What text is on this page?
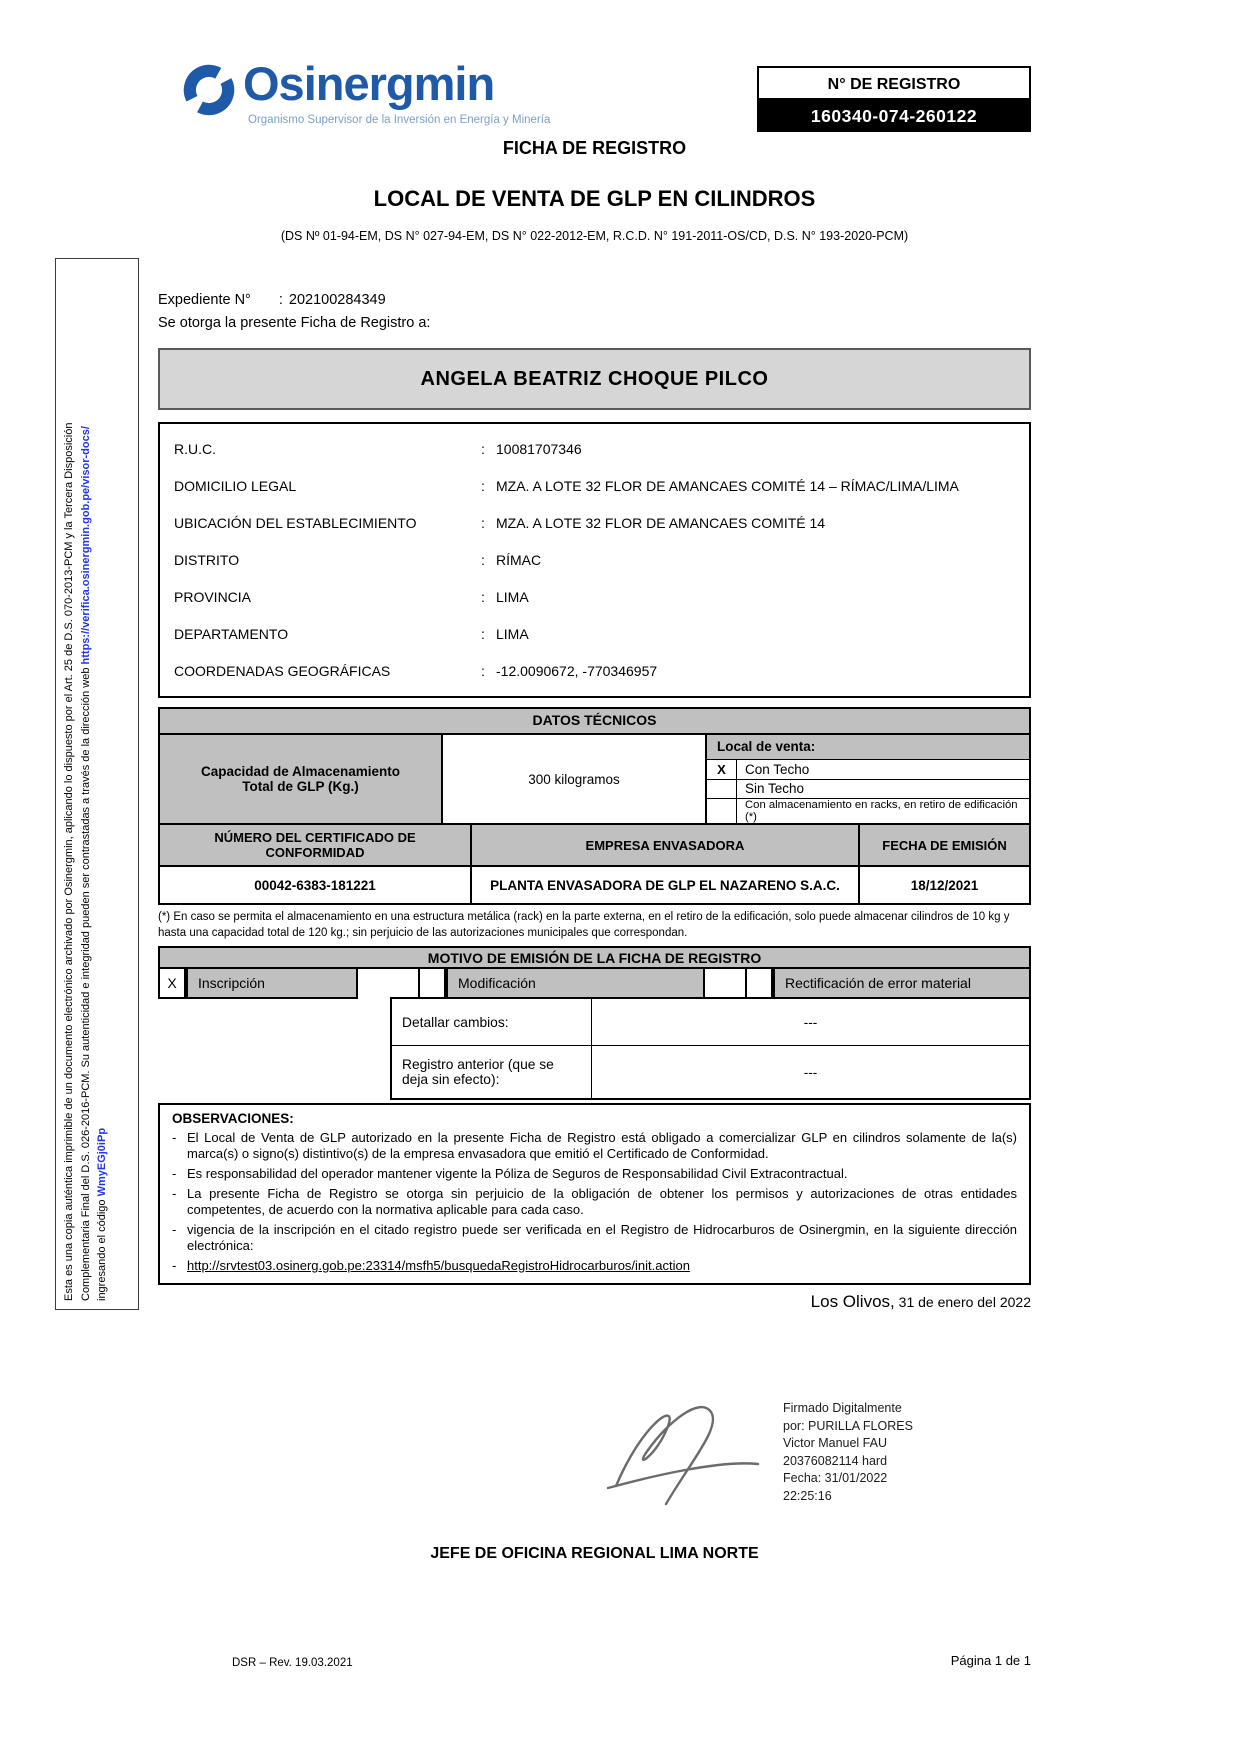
Esta es una copia auténtica imprimible de un documento electrónico archivado por Osinergmin, aplicando lo dispuesto por el Art. 25 de D.S. 070-2013-PCM y la Tercera Disposición Complementaria Final del D.S. 026-2016-PCM. Su autenticidad e integridad pueden ser contrastadas a través de la dirección web https://verifica.osinergmin.gob.pe/visor-docs/
ingresando el código WmyEGj0iPp
Osinergmin
Organismo Supervisor de la Inversión en Energía y Minería
N° DE REGISTRO
160340-074-260122
FICHA DE REGISTRO
LOCAL DE VENTA DE GLP EN CILINDROS
(DS Nº 01-94-EM, DS N° 027-94-EM, DS N° 022-2012-EM, R.C.D. N° 191-2011-OS/CD, D.S. N° 193-2020-PCM)
Expediente N° : 202100284349
Se otorga la presente Ficha de Registro a:
ANGELA BEATRIZ CHOQUE PILCO
R.U.C.	: 10081707346
DOMICILIO LEGAL	: MZA. A LOTE 32 FLOR DE AMANCAES COMITÉ 14 – RÍMAC/LIMA/LIMA
UBICACIÓN DEL ESTABLECIMIENTO	: MZA. A LOTE 32 FLOR DE AMANCAES COMITÉ 14
DISTRITO	: RÍMAC
PROVINCIA	: LIMA
DEPARTAMENTO	: LIMA
COORDENADAS GEOGRÁFICAS	: -12.0090672, -770346957
DATOS TÉCNICOS
Capacidad de Almacenamiento Total de GLP (Kg.)	300 kilogramos
Local de venta:
X	Con Techo
Sin Techo
Con almacenamiento en racks, en retiro de edificación (*)
NÚMERO DEL CERTIFICADO DE CONFORMIDAD	EMPRESA ENVASADORA	FECHA DE EMISIÓN
00042-6383-181221	PLANTA ENVASADORA DE GLP EL NAZARENO S.A.C.	18/12/2021
(*) En caso se permita el almacenamiento en una estructura metálica (rack) en la parte externa, en el retiro de la edificación, solo puede almacenar cilindros de 10 kg y hasta una capacidad total de 120 kg.; sin perjuicio de las autorizaciones municipales que correspondan.
MOTIVO DE EMISIÓN DE LA FICHA DE REGISTRO
X	Inscripción	Modificación	Rectificación de error material
Detallar cambios:	---
Registro anterior (que se deja sin efecto):	---
OBSERVACIONES:
- El Local de Venta de GLP autorizado en la presente Ficha de Registro está obligado a comercializar GLP en cilindros solamente de la(s) marca(s) o signo(s) distintivo(s) de la empresa envasadora que emitió el Certificado de Conformidad.
- Es responsabilidad del operador mantener vigente la Póliza de Seguros de Responsabilidad Civil Extracontractual.
- La presente Ficha de Registro se otorga sin perjuicio de la obligación de obtener los permisos y autorizaciones de otras entidades competentes, de acuerdo con la normativa aplicable para cada caso.
- vigencia de la inscripción en el citado registro puede ser verificada en el Registro de Hidrocarburos de Osinergmin, en la siguiente dirección electrónica:
- http://srvtest03.osinerg.gob.pe:23314/msfh5/busquedaRegistroHidrocarburos/init.action
Los Olivos, 31 de enero del 2022
Firmado Digitalmente
por: PURILLA FLORES
Victor Manuel FAU
20376082114 hard
Fecha: 31/01/2022
22:25:16
JEFE DE OFICINA REGIONAL LIMA NORTE
DSR – Rev. 19.03.2021	Página 1 de 1
